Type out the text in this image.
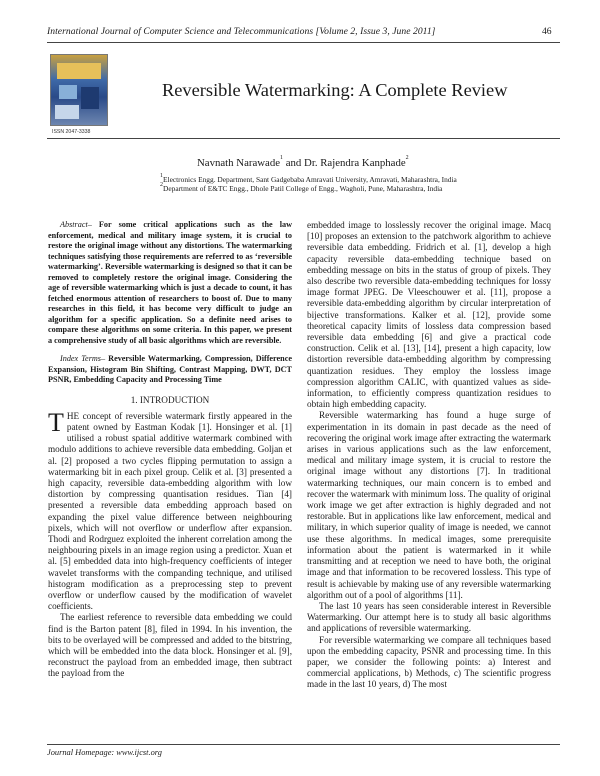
International Journal of Computer Science and Telecommunications [Volume 2, Issue 3, June 2011]	46
ISSN 2047-3338
Reversible Watermarking: A Complete Review
Navnath Narawade$^1$ and Dr. Rajendra Kanphade$^2$
$^1$Electronics Engg. Department, Sant Gadgebaba Amravati University, Amravati, Maharashtra, India
$^2$Department of E&TC Engg., Dhole Patil College of Engg., Wagholi, Pune, Maharashtra, India

Abstract– For some critical applications such as the law enforcement, medical and military image system, it is crucial to restore the original image without any distortions. The watermarking techniques satisfying those requirements are referred to as ‘reversible watermarking’. Reversible watermarking is designed so that it can be removed to completely restore the original image. Considering the age of reversible watermarking which is just a decade to count, it has fetched enormous attention of researchers to boost of. Due to many researches in this field, it has become very difficult to judge an algorithm for a specific application. So a definite need arises to compare these algorithms on some criteria. In this paper, we present a comprehensive study of all basic algorithms which are reversible.

Index Terms– Reversible Watermarking, Compression, Difference Expansion, Histogram Bin Shifting, Contrast Mapping, DWT, DCT PSNR, Embedding Capacity and Processing Time

1. INTRODUCTION

THE concept of reversible watermark firstly appeared in the patent owned by Eastman Kodak [1]. Honsinger et al. [1] utilised a robust spatial additive watermark combined with modulo additions to achieve reversible data embedding. Goljan et al. [2] proposed a two cycles flipping permutation to assign a watermarking bit in each pixel group. Celik et al. [3] presented a high capacity, reversible data-embedding algorithm with low distortion by compressing quantisation residues. Tian [4] presented a reversible data embedding approach based on expanding the pixel value difference between neighbouring pixels, which will not overflow or underflow after expansion. Thodi and Rodrguez exploited the inherent correlation among the neighbouring pixels in an image region using a predictor. Xuan et al. [5] embedded data into high-frequency coefficients of integer wavelet transforms with the companding technique, and utilised histogram modification as a preprocessing step to prevent overflow or underflow caused by the modification of wavelet coefficients.

The earliest reference to reversible data embedding we could find is the Barton patent [8], filed in 1994. In his invention, the bits to be overlayed will be compressed and added to the bitstring, which will be embedded into the data block. Honsinger et al. [9], reconstruct the payload from an embedded image, then subtract the payload from the

embedded image to losslessly recover the original image. Macq [10] proposes an extension to the patchwork algorithm to achieve reversible data embedding. Fridrich et al. [1], develop a high capacity reversible data-embedding technique based on embedding message on bits in the status of group of pixels. They also describe two reversible data-embedding techniques for lossy image format JPEG. De Vleeschouwer et al. [11], propose a reversible data-embedding algorithm by circular interpretation of bijective transformations. Kalker et al. [12], provide some theoretical capacity limits of lossless data compression based reversible data embedding [6] and give a practical code construction. Celik et al. [13], [14], present a high capacity, low distortion reversible data-embedding algorithm by compressing quantization residues. They employ the lossless image compression algorithm CALIC, with quantized values as side-information, to efficiently compress quantization residues to obtain high embedding capacity.

Reversible watermarking has found a huge surge of experimentation in its domain in past decade as the need of recovering the original work image after extracting the watermark arises in various applications such as the law enforcement, medical and military image system, it is crucial to restore the original image without any distortions [7]. In traditional watermarking techniques, our main concern is to embed and recover the watermark with minimum loss. The quality of original work image we get after extraction is highly degraded and not restorable. But in applications like law enforcement, medical and military, in which superior quality of image is needed, we cannot use these algorithms. In medical images, some prerequisite information about the patient is watermarked in it while transmitting and at reception we need to have both, the original image and that information to be recovered lossless. This type of result is achievable by making use of any reversible watermarking algorithm out of a pool of algorithms [11].

The last 10 years has seen considerable interest in Reversible Watermarking. Our attempt here is to study all basic algorithms and applications of reversible watermarking.

For reversible watermarking we compare all techniques based upon the embedding capacity, PSNR and processing time. In this paper, we consider the following points: a) Interest and commercial applications, b) Methods, c) The scientific progress made in the last 10 years, d) The most

Journal Homepage: www.ijcst.org
